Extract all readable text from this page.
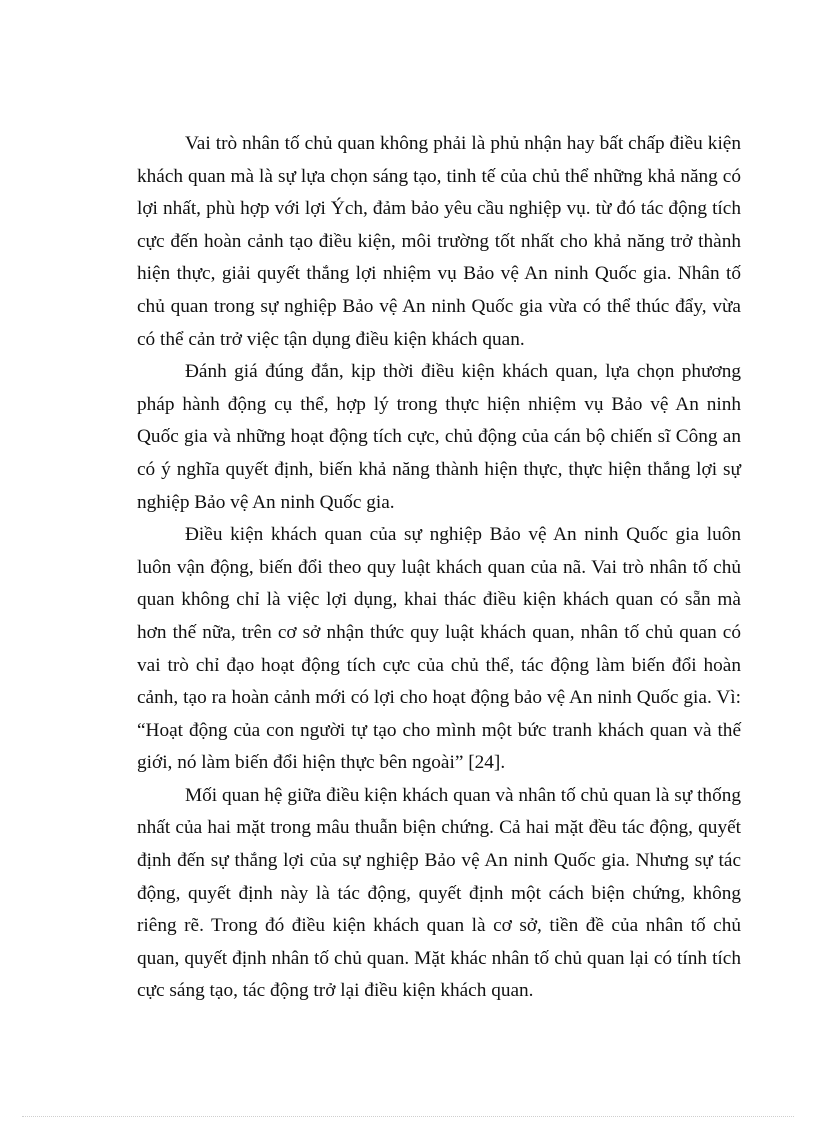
Vai trò nhân tố chủ quan không phải là phủ nhận hay bất chấp điều kiện khách quan mà là sự lựa chọn sáng tạo, tinh tế của chủ thể những khả năng có lợi nhất, phù hợp với lợi Ých, đảm bảo yêu cầu nghiệp vụ. từ đó tác động tích cực đến hoàn cảnh tạo điều kiện, môi trường tốt nhất cho khả năng trở thành hiện thực, giải quyết thắng lợi nhiệm vụ Bảo vệ An ninh Quốc gia. Nhân tố chủ quan trong sự nghiệp Bảo vệ An ninh Quốc gia vừa có thể thúc đẩy, vừa có thể cản trở việc tận dụng điều kiện khách quan.

Đánh giá đúng đắn, kịp thời điều kiện khách quan, lựa chọn phương pháp hành động cụ thể, hợp lý trong thực hiện nhiệm vụ Bảo vệ An ninh Quốc gia và những hoạt động tích cực, chủ động của cán bộ chiến sĩ Công an có ý nghĩa quyết định, biến khả năng thành hiện thực, thực hiện thắng lợi sự nghiệp Bảo vệ An ninh Quốc gia.

Điều kiện khách quan của sự nghiệp Bảo vệ An ninh Quốc gia luôn luôn vận động, biến đổi theo quy luật khách quan của nã. Vai trò nhân tố chủ quan không chỉ là việc lợi dụng, khai thác điều kiện khách quan có sẵn mà hơn thế nữa, trên cơ sở nhận thức quy luật khách quan, nhân tố chủ quan có vai trò chỉ đạo hoạt động tích cực của chủ thể, tác động làm biến đổi hoàn cảnh, tạo ra hoàn cảnh mới có lợi cho hoạt động bảo vệ An ninh Quốc gia. Vì: “Hoạt động của con người tự tạo cho mình một bức tranh khách quan và thế giới, nó làm biến đổi hiện thực bên ngoài” [24].

Mối quan hệ giữa điều kiện khách quan và nhân tố chủ quan là sự thống nhất của hai mặt trong mâu thuẫn biện chứng. Cả hai mặt đều tác động, quyết định đến sự thắng lợi của sự nghiệp Bảo vệ An ninh Quốc gia. Nhưng sự tác động, quyết định này là tác động, quyết định một cách biện chứng, không riêng rẽ. Trong đó điều kiện khách quan là cơ sở, tiền đề của nhân tố chủ quan, quyết định nhân tố chủ quan. Mặt khác nhân tố chủ quan lại có tính tích cực sáng tạo, tác động trở lại điều kiện khách quan.
